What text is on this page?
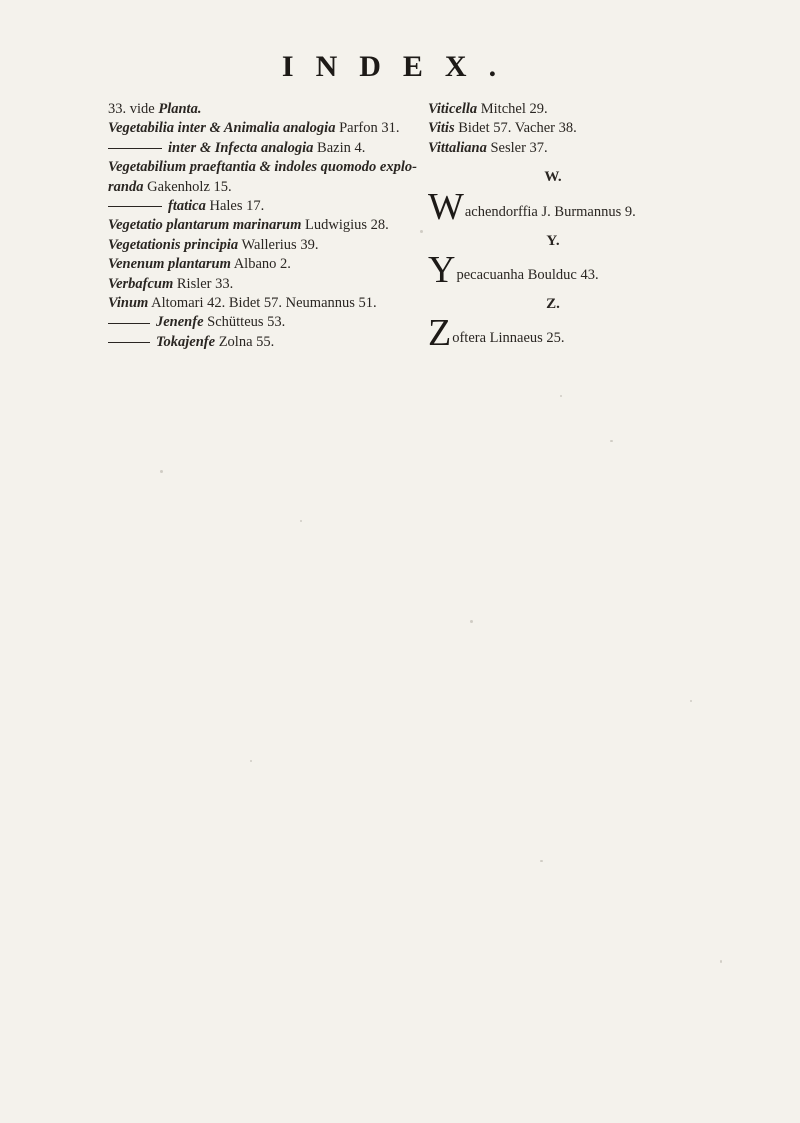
INDEX.

33. vide Planta.

Vegetabilia inter & Animalia analogia Parfon 31.

inter & Infecta analogia Bazin 4.

Vegetabilium praeftantia & indoles quomodo exploranda Gakenholz 15.

ftatica Hales 17.

Vegetatio plantarum marinarum Ludwigius 28.

Vegetationis principia Wallerius 39.

Venenum plantarum Albano 2.

Verbafcum Risler 33.

Vinum Altomari 42. Bidet 57. Neumannus 51.

Jenenfe Schütteus 53.

Tokajenfe Zolna 55.

Viticella Mitchel 29.

Vitis Bidet 57. Vacher 38.

Vittaliana Sesler 37.

W.
W achendorffia J. Burmannus 9.
Y.
Y pecacuanha Boulduc 43.
Z.
Z oftera Linnaeus 25.
